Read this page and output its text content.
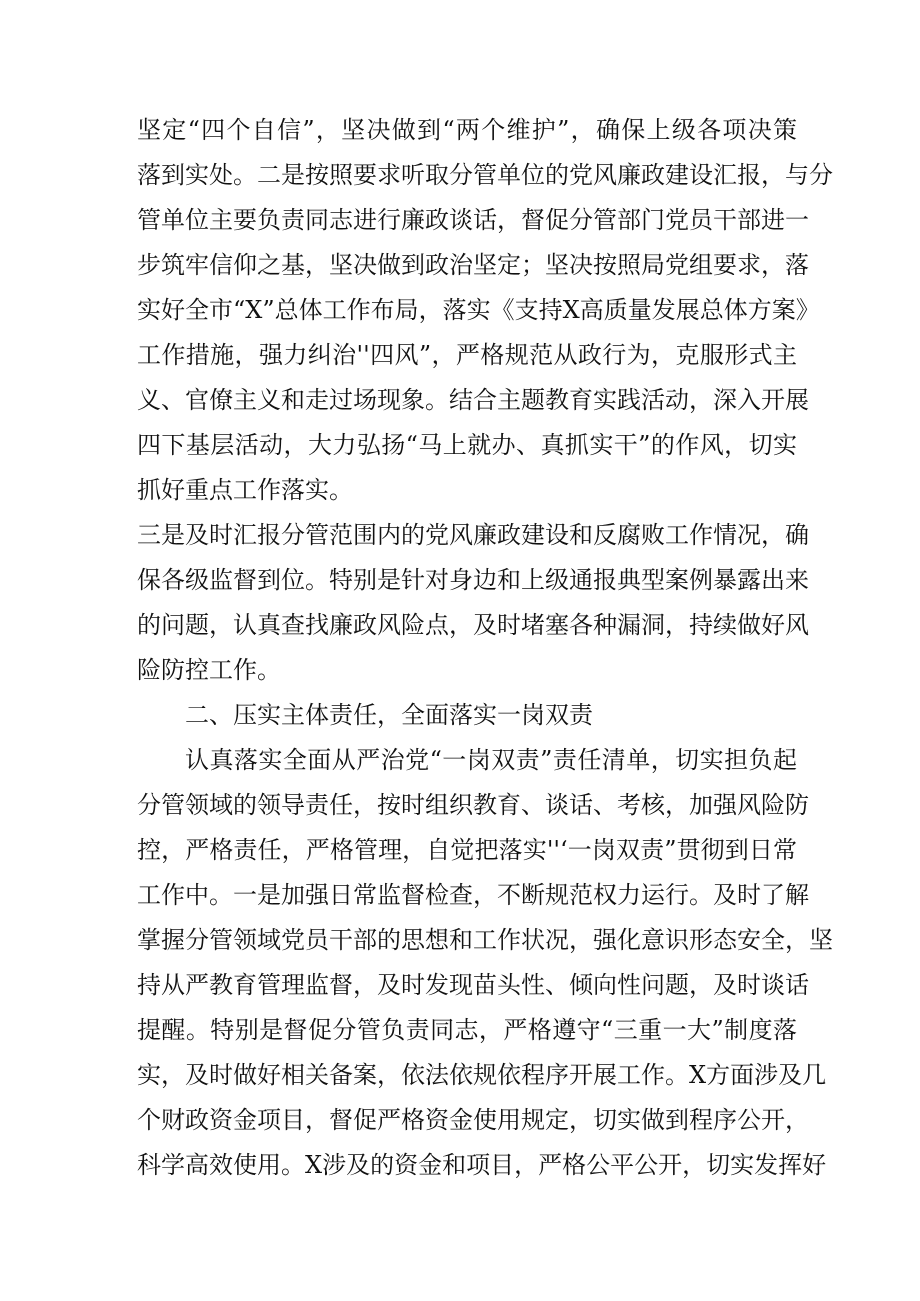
坚定“四个自信”，坚决做到“两个维护”，确保上级各项决策
落到实处。二是按照要求听取分管单位的党风廉政建设汇报，与分
管单位主要负责同志进行廉政谈话，督促分管部门党员干部进一
步筑牢信仰之基，坚决做到政治坚定；坚决按照局党组要求，落
实好全市“X”总体工作布局，落实《支持X高质量发展总体方案》
工作措施，强力纠治''四风”，严格规范从政行为，克服形式主
义、官僚主义和走过场现象。结合主题教育实践活动，深入开展
四下基层活动，大力弘扬“马上就办、真抓实干”的作风，切实
抓好重点工作落实。
三是及时汇报分管范围内的党风廉政建设和反腐败工作情况，确
保各级监督到位。特别是针对身边和上级通报典型案例暴露出来
的问题，认真查找廉政风险点，及时堵塞各种漏洞，持续做好风
险防控工作。
二、压实主体责任，全面落实一岗双责
认真落实全面从严治党“一岗双责”责任清单，切实担负起
分管领域的领导责任，按时组织教育、谈话、考核，加强风险防
控，严格责任，严格管理，自觉把落实''‘一岗双责”贯彻到日常
工作中。一是加强日常监督检查，不断规范权力运行。及时了解
掌握分管领域党员干部的思想和工作状况，强化意识形态安全，坚
持从严教育管理监督，及时发现苗头性、倾向性问题，及时谈话
提醒。特别是督促分管负责同志，严格遵守“三重一大”制度落
实，及时做好相关备案，依法依规依程序开展工作。X方面涉及几
个财政资金项目，督促严格资金使用规定，切实做到程序公开，
科学高效使用。X涉及的资金和项目，严格公平公开，切实发挥好
